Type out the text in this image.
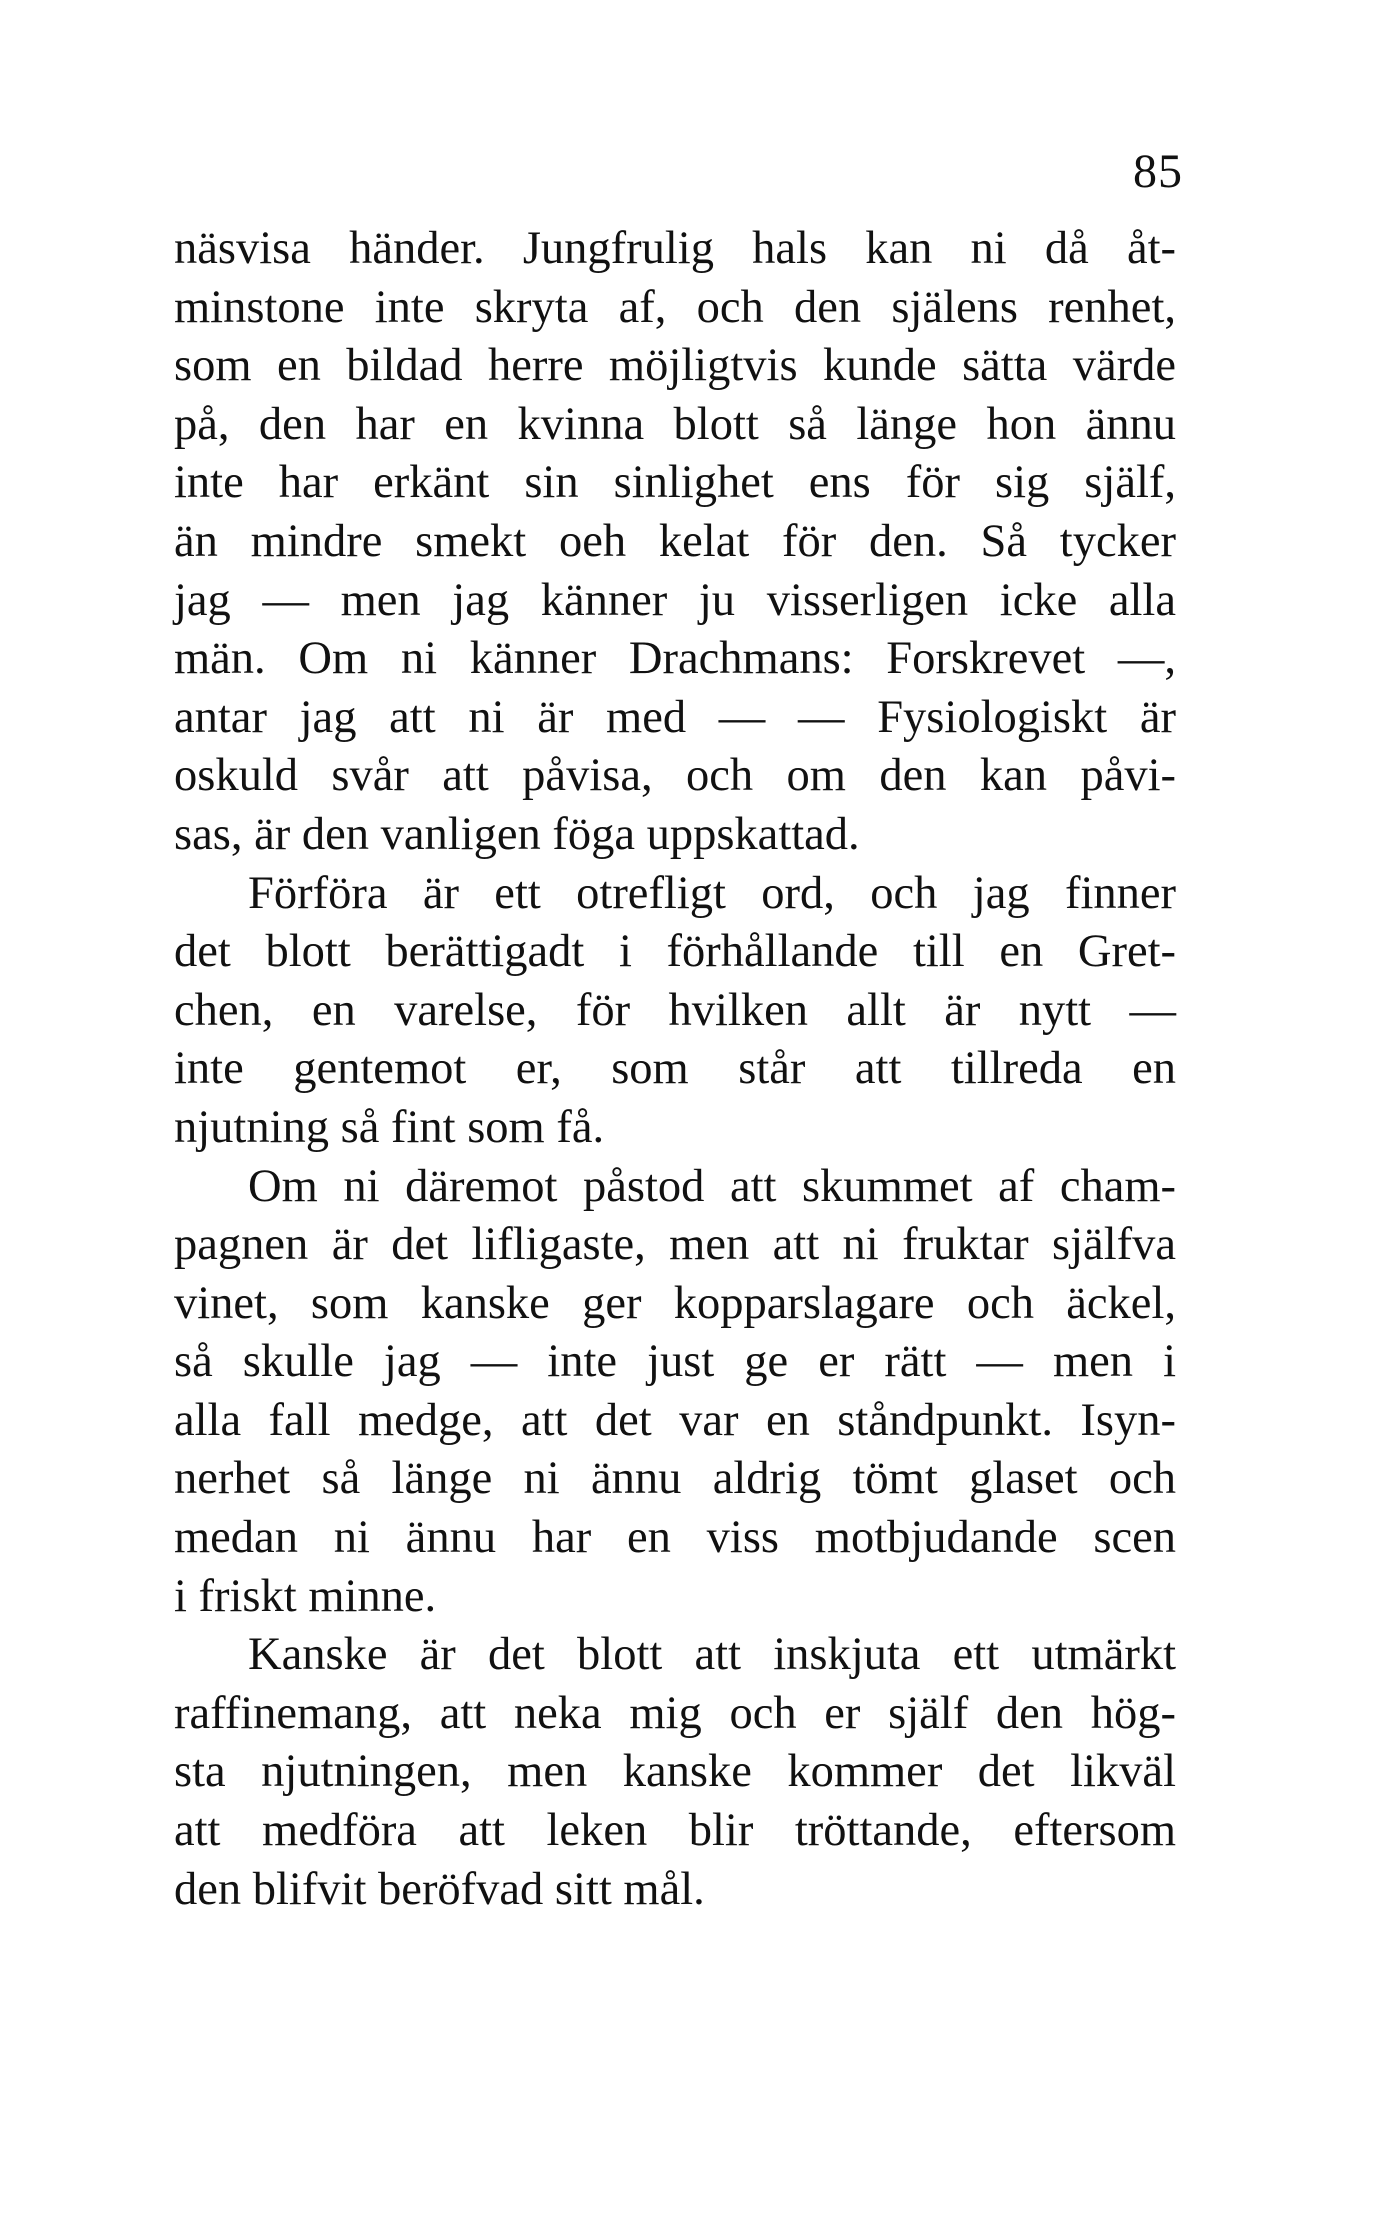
85
näsvisa händer. Jungfrulig hals kan ni då åt-
minstone inte skryta af, och den själens renhet,
som en bildad herre möjligtvis kunde sätta värde
på, den har en kvinna blott så länge hon ännu
inte har erkänt sin sinlighet ens för sig själf,
än mindre smekt oeh kelat för den. Så tycker
jag — men jag känner ju visserligen icke alla
män. Om ni känner Drachmans: Forskrevet —,
antar jag att ni är med — — Fysiologiskt är
oskuld svår att påvisa, och om den kan påvi-
sas, är den vanligen föga uppskattad.
Förföra är ett otrefligt ord, och jag finner
det blott berättigadt i förhållande till en Gret-
chen, en varelse, för hvilken allt är nytt —
inte gentemot er, som står att tillreda en
njutning så fint som få.
Om ni däremot påstod att skummet af cham-
pagnen är det lifligaste, men att ni fruktar själfva
vinet, som kanske ger kopparslagare och äckel,
så skulle jag — inte just ge er rätt — men i
alla fall medge, att det var en ståndpunkt. Isyn-
nerhet så länge ni ännu aldrig tömt glaset och
medan ni ännu har en viss motbjudande scen
i friskt minne.
Kanske är det blott att inskjuta ett utmärkt
raffinemang, att neka mig och er själf den hög-
sta njutningen, men kanske kommer det likväl
att medföra att leken blir tröttande, eftersom
den blifvit beröfvad sitt mål.
